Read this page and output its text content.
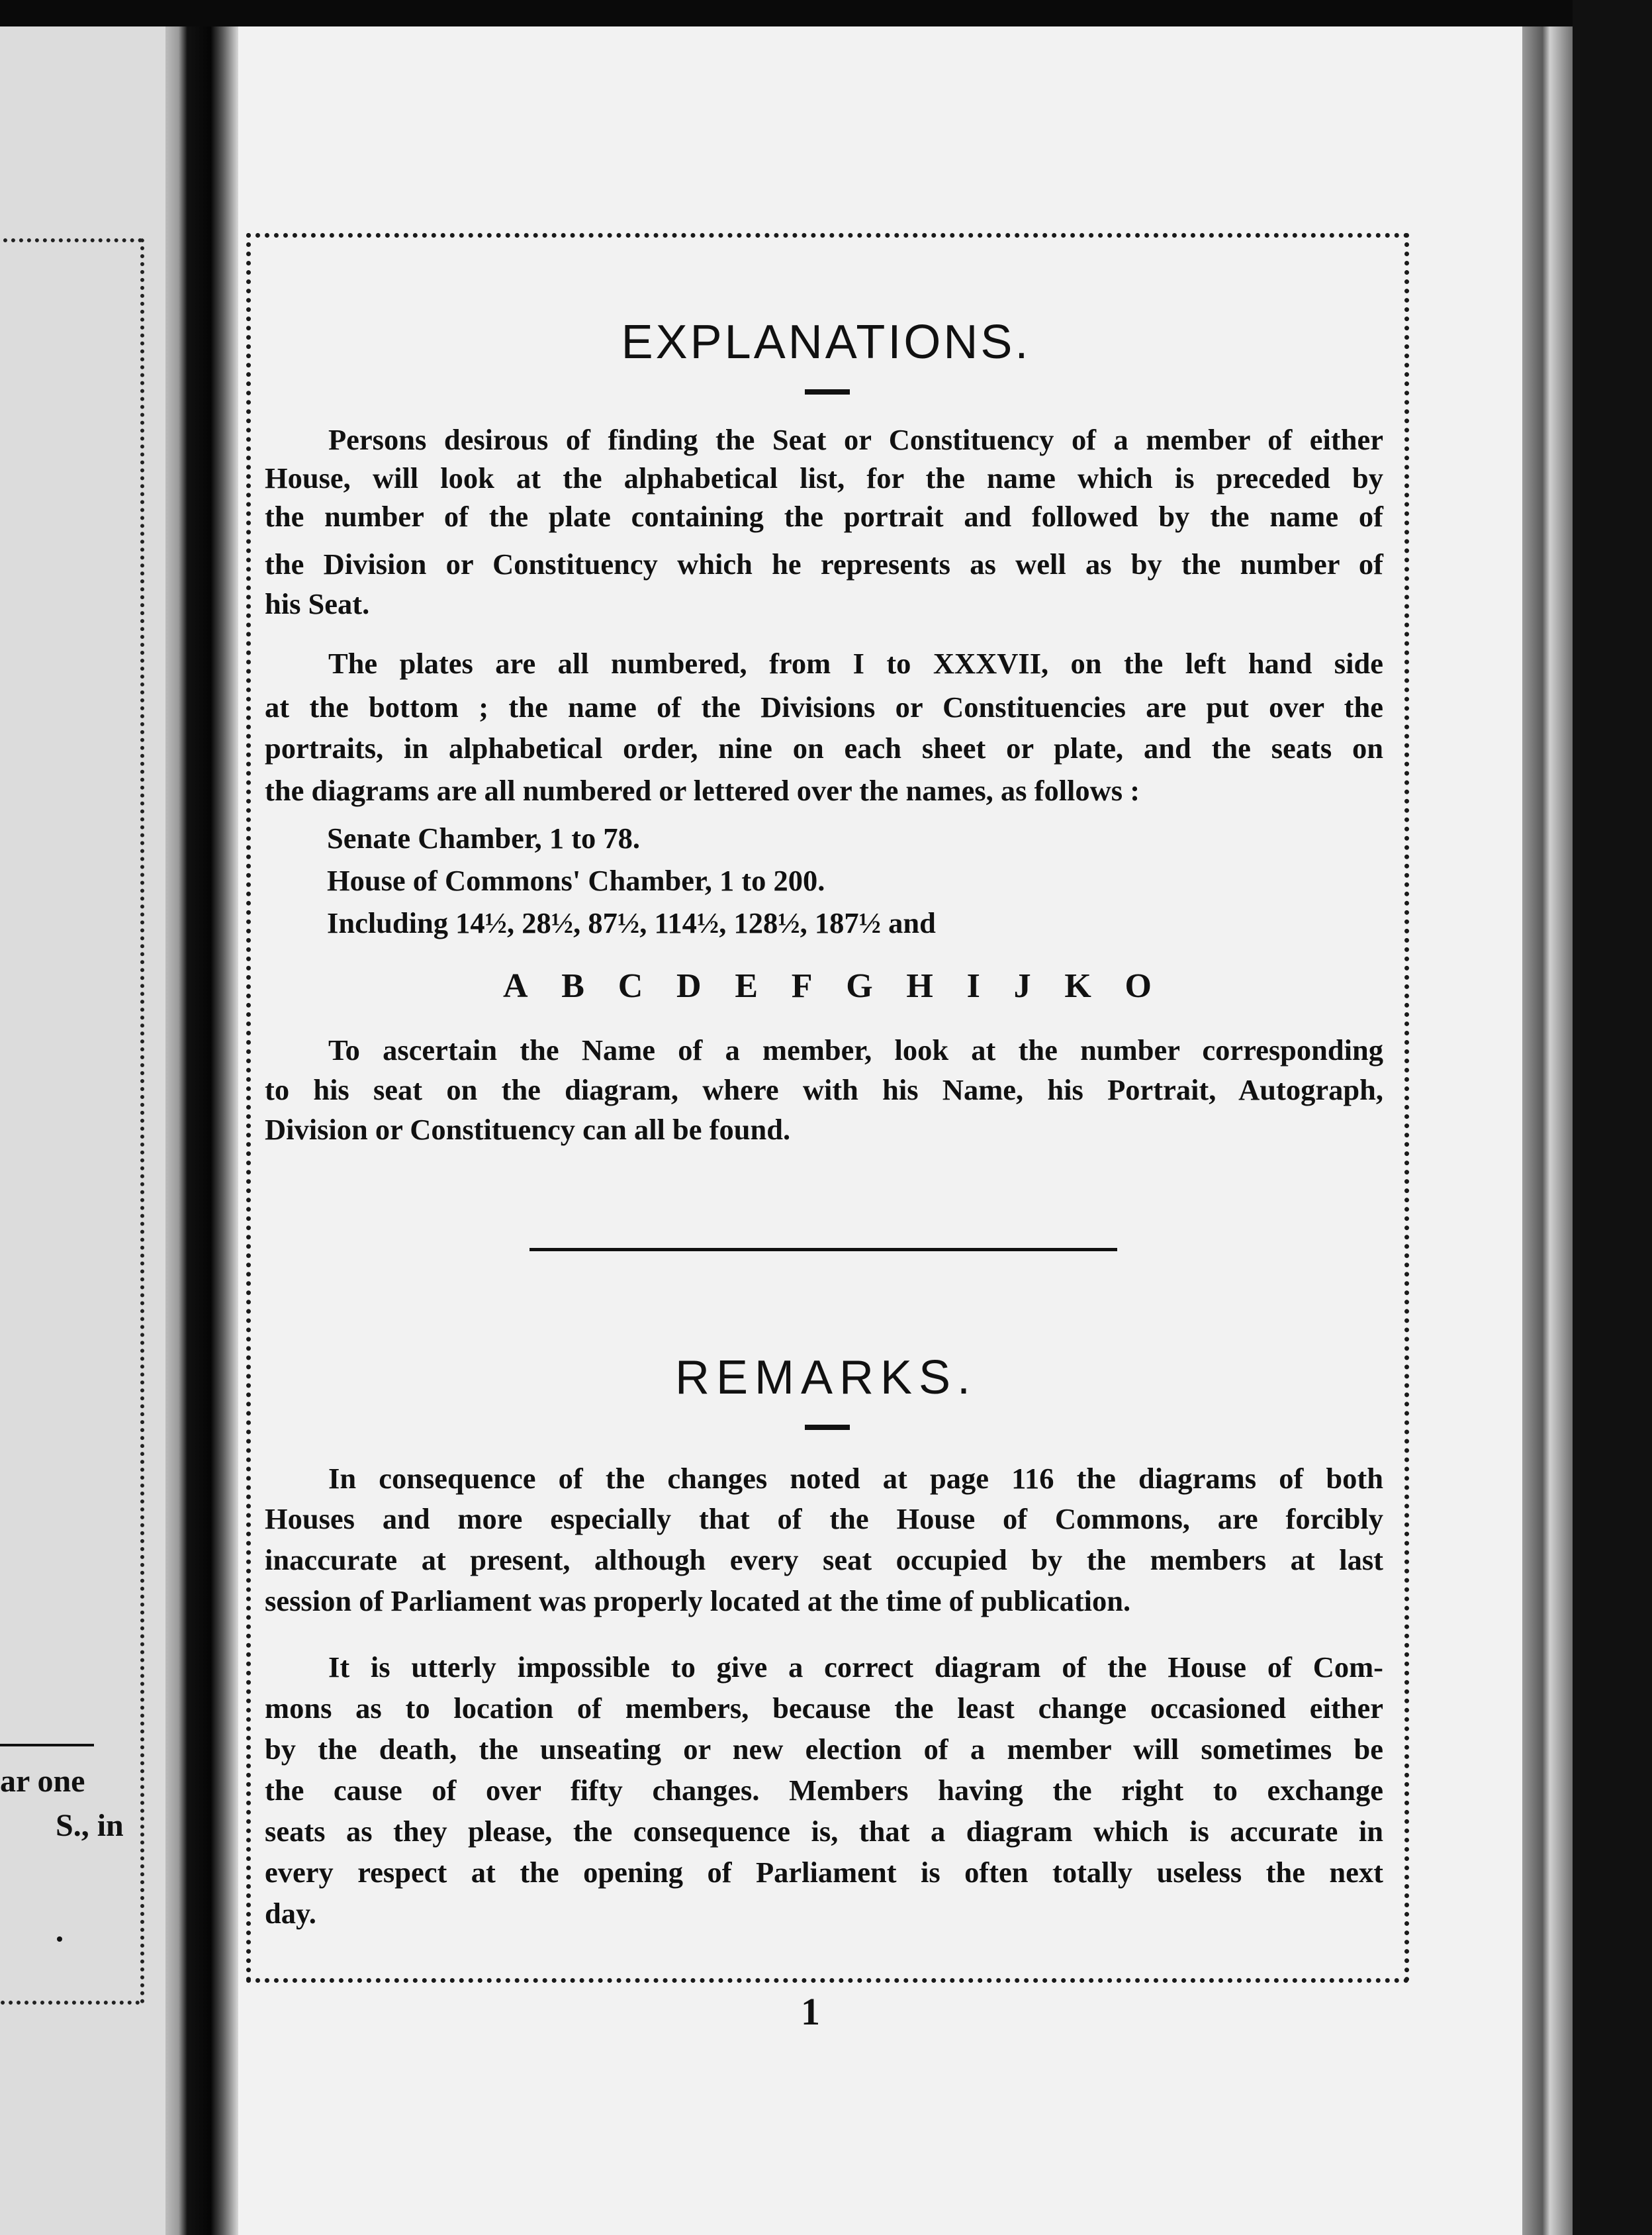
ar one
S., in
EXPLANATIONS.
Persons desirous of finding the Seat or Constituency of a member of either
House, will look at the alphabetical list, for the name which is preceded by
the number of the plate containing the portrait and followed by the name of
the Division or Constituency which he represents as well as by the number of
his Seat.
The plates are all numbered, from I to XXXVII, on the left hand side
at the bottom ; the name of the Divisions or Constituencies are put over the
portraits, in alphabetical order, nine on each sheet or plate, and the seats on
the diagrams are all numbered or lettered over the names, as follows :
Senate Chamber, 1 to 78.
House of Commons' Chamber, 1 to 200.
Including 14½, 28½, 87½, 114½, 128½, 187½ and
A B C D E F G H I J K O
To ascertain the Name of a member, look at the number corresponding
to his seat on the diagram, where with his Name, his Portrait, Autograph,
Division or Constituency can all be found.
REMARKS.
In consequence of the changes noted at page 116 the diagrams of both
Houses and more especially that of the House of Commons, are forcibly
inaccurate at present, although every seat occupied by the members at last
session of Parliament was properly located at the time of publication.
It is utterly impossible to give a correct diagram of the House of Com-
mons as to location of members, because the least change occasioned either
by the death, the unseating or new election of a member will sometimes be
the cause of over fifty changes. Members having the right to exchange
seats as they please, the consequence is, that a diagram which is accurate in
every respect at the opening of Parliament is often totally useless the next
day.
1
